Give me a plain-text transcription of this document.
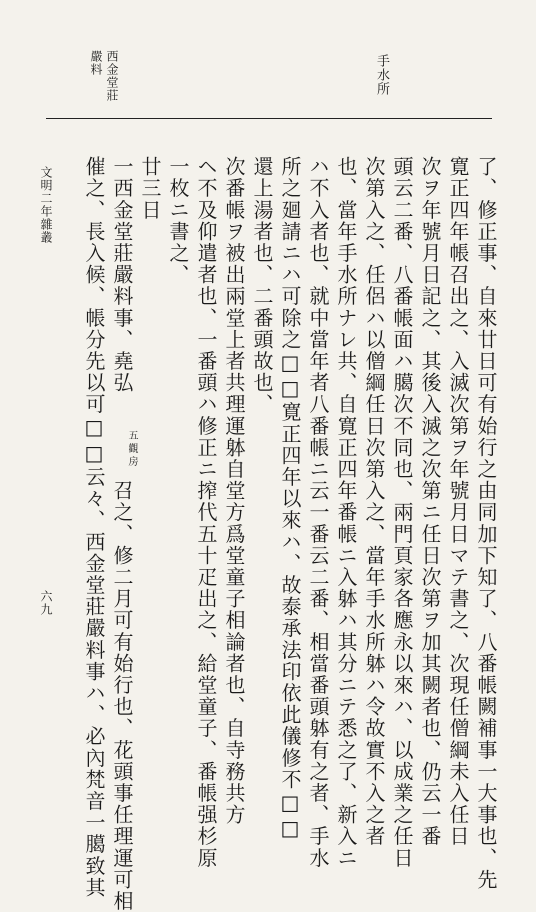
手水所
西金堂莊
嚴料
了、修正事、自來廿日可有始行之由同加下知了、八番帳闕補事一大事也、先
寛正四年帳召出之、入滅次第ヲ年號月日マテ書之、次現任僧綱未入任日
次ヲ年號月日記之、其後入滅之次第ニ任日次第ヲ加其闕者也、仍云一番
頭云二番、八番帳面ハ臈次不同也、兩門頁家各應永以來ハ、以成業之任日
次第入之、任侶ハ以僧綱任日次第入之、當年手水所躰ハ令故實不入之者
也、當年手水所ナレ共、自寛正四年番帳ニ入躰ハ其分ニテ悉之了、新入ニ
ハ不入者也、就中當年者八番帳ニ云一番云二番、相當番頭躰有之者、手水
所之廻請ニハ可除之□□寛正四年以來ハ、故泰承法印依此儀修不□□
還上湯者也、二番頭故也、
次番帳ヲ被出兩堂上者共理運躰自堂方爲堂童子相論者也、自寺務共方
ヘ不及仰遣者也、一番頭ハ修正ニ搾代五十疋出之、給堂童子、番帳强杉原
一枚ニ書之、
廿三日
一西金堂莊嚴料事、堯弘
召之、修二月可有始行也、花頭事任理運可相
五 觀 房
催之、長入候、帳分先以可□□云々、西金堂莊嚴料事ハ、必內梵音一臈致其
文明二年雜叢
六九
